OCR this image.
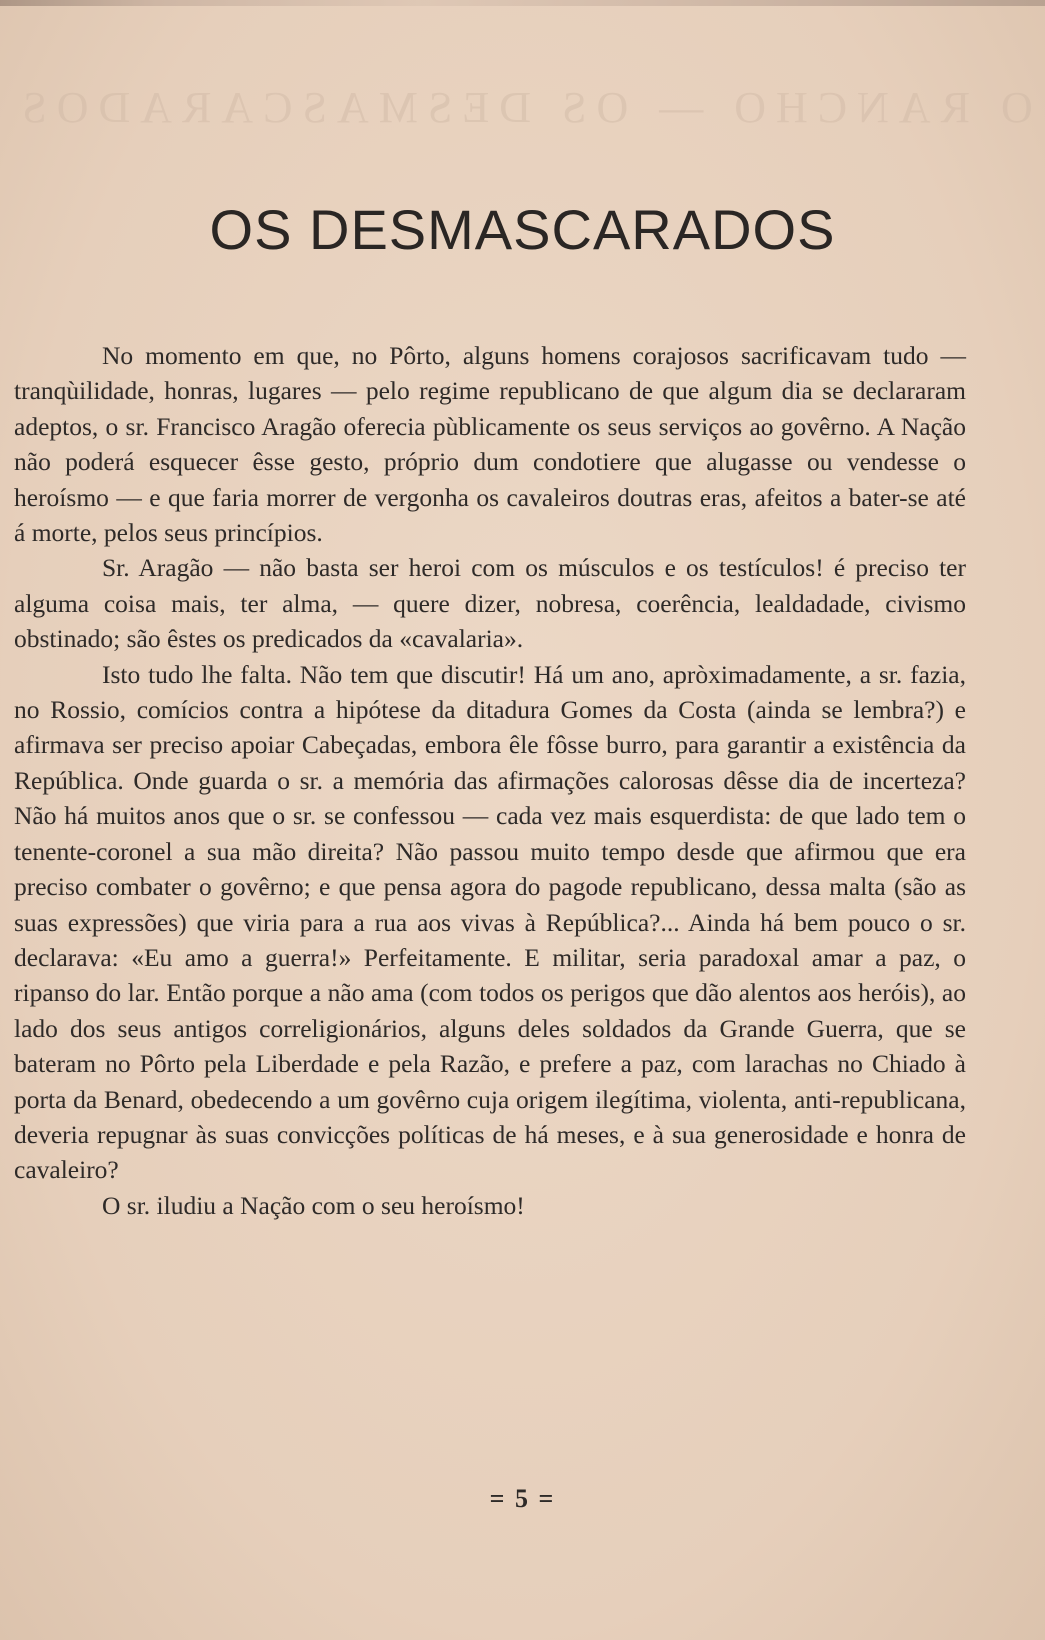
O RANCHO — OS DESMASCARADOS
OS DESMASCARADOS

No momento em que, no Pôrto, alguns homens corajosos sacrificavam tudo — tranqùilidade, honras, lugares — pelo regime republicano de que algum dia se declararam adeptos, o sr. Francisco Aragão oferecia pùblicamente os seus serviços ao govêrno. A Nação não poderá esquecer êsse gesto, próprio dum condotiere que alugasse ou vendesse o heroísmo — e que faria morrer de vergonha os cavaleiros doutras eras, afeitos a bater-se até á morte, pelos seus princípios.

Sr. Aragão — não basta ser heroi com os músculos e os testículos! é preciso ter alguma coisa mais, ter alma, — quere dizer, nobresa, coerência, lealdadade, civismo obstinado; são êstes os predicados da «cavalaria».

Isto tudo lhe falta. Não tem que discutir! Há um ano, apròximadamente, a sr. fazia, no Rossio, comícios contra a hipótese da ditadura Gomes da Costa (ainda se lembra?) e afirmava ser preciso apoiar Cabeçadas, embora êle fôsse burro, para garantir a existência da República. Onde guarda o sr. a memória das afirmações calorosas dêsse dia de incerteza? Não há muitos anos que o sr. se confessou — cada vez mais esquerdista: de que lado tem o tenente-coronel a sua mão direita? Não passou muito tempo desde que afirmou que era preciso combater o govêrno; e que pensa agora do pagode republicano, dessa malta (são as suas expressões) que viria para a rua aos vivas à República?... Ainda há bem pouco o sr. declarava: «Eu amo a guerra!» Perfeitamente. E militar, seria paradoxal amar a paz, o ripanso do lar. Então porque a não ama (com todos os perigos que dão alentos aos heróis), ao lado dos seus antigos correligionários, alguns deles soldados da Grande Guerra, que se bateram no Pôrto pela Liberdade e pela Razão, e prefere a paz, com larachas no Chiado à porta da Benard, obedecendo a um govêrno cuja origem ilegítima, violenta, anti-republicana, deveria repugnar às suas convicções políticas de há meses, e à sua generosidade e honra de cavaleiro?

O sr. iludiu a Nação com o seu heroísmo!

= 5 =
